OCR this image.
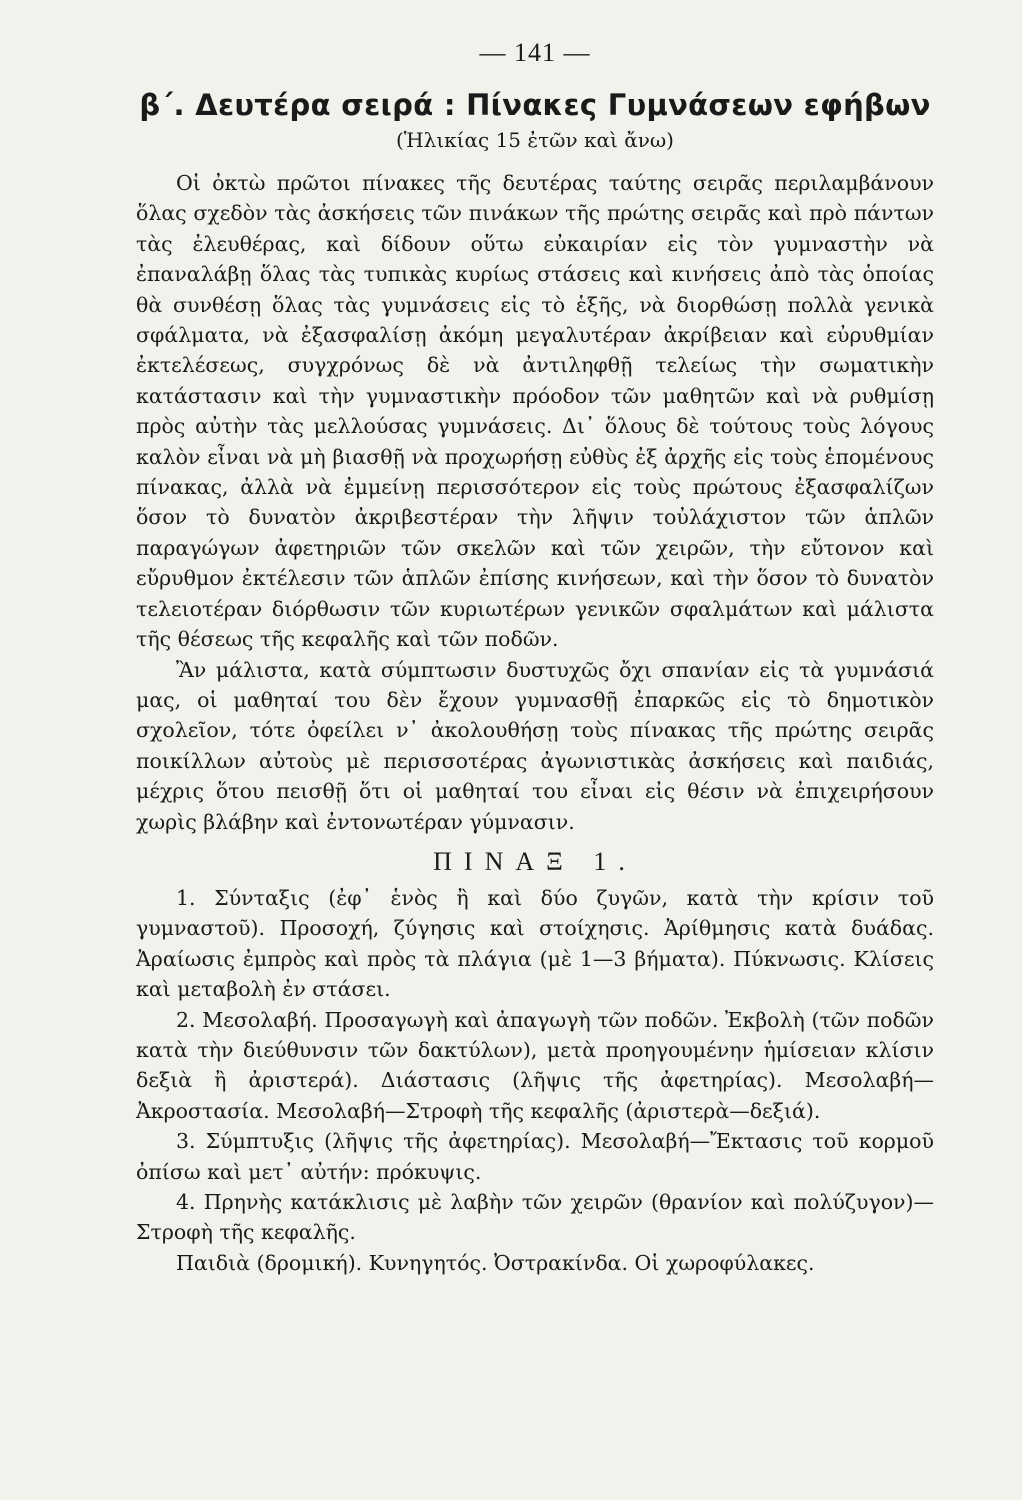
— 141 —
β΄. Δευτέρα σειρά : Πίνακες Γυμνάσεων εφήβων
(Ἡλικίας 15 ἐτῶν καὶ ἄνω)

Οἱ ὀκτὼ πρῶτοι πίνακες τῆς δευτέρας ταύτης σειρᾶς περιλαμβάνουν ὅλας σχεδὸν τὰς ἀσκήσεις τῶν πινάκων τῆς πρώτης σειρᾶς καὶ πρὸ πάντων τὰς ἐλευθέρας, καὶ δίδουν οὕτω εὐκαιρίαν εἰς τὸν γυμναστὴν νὰ ἐπαναλάβῃ ὅλας τὰς τυπικὰς κυρίως στάσεις καὶ κινήσεις ἀπὸ τὰς ὁποίας θὰ συνθέσῃ ὅλας τὰς γυμνάσεις εἰς τὸ ἑξῆς, νὰ διορθώσῃ πολλὰ γενικὰ σφάλματα, νὰ ἐξασφαλίσῃ ἀκόμη μεγαλυτέραν ἀκρίβειαν καὶ εὐρυθμίαν ἐκτελέσεως, συγχρόνως δὲ νὰ ἀντιληφθῇ τελείως τὴν σωματικὴν κατάστασιν καὶ τὴν γυμναστικὴν πρόοδον τῶν μαθητῶν καὶ νὰ ρυθμίσῃ πρὸς αὐτὴν τὰς μελλούσας γυμνάσεις. Δι᾽ ὅλους δὲ τούτους τοὺς λόγους καλὸν εἶναι νὰ μὴ βιασθῇ νὰ προχωρήσῃ εὐθὺς ἐξ ἀρχῆς εἰς τοὺς ἑπομένους πίνακας, ἀλλὰ νὰ ἐμμείνῃ περισσότερον εἰς τοὺς πρώτους ἐξασφαλίζων ὅσον τὸ δυνατὸν ἀκριβεστέραν τὴν λῆψιν τοὐλάχιστον τῶν ἁπλῶν παραγώγων ἀφετηριῶν τῶν σκελῶν καὶ τῶν χειρῶν, τὴν εὔτονον καὶ εὔρυθμον ἐκτέλεσιν τῶν ἁπλῶν ἐπίσης κινήσεων, καὶ τὴν ὅσον τὸ δυνατὸν τελειοτέραν διόρθωσιν τῶν κυριωτέρων γενικῶν σφαλμάτων καὶ μάλιστα τῆς θέσεως τῆς κεφαλῆς καὶ τῶν ποδῶν.

Ἂν μάλιστα, κατὰ σύμπτωσιν δυστυχῶς ὄχι σπανίαν εἰς τὰ γυμνάσιά μας, οἱ μαθηταί του δὲν ἔχουν γυμνασθῇ ἐπαρκῶς εἰς τὸ δημοτικὸν σχολεῖον, τότε ὀφείλει ν᾽ ἀκολουθήσῃ τοὺς πίνακας τῆς πρώτης σειρᾶς ποικίλλων αὐτοὺς μὲ περισσοτέρας ἀγωνιστικὰς ἀσκήσεις καὶ παιδιάς, μέχρις ὅτου πεισθῇ ὅτι οἱ μαθηταί του εἶναι εἰς θέσιν νὰ ἐπιχειρήσουν χωρὶς βλάβην καὶ ἐντονωτέραν γύμνασιν.

ΠΙΝΑΞ 1.

1. Σύνταξις (ἐφ᾽ ἑνὸς ἢ καὶ δύο ζυγῶν, κατὰ τὴν κρίσιν τοῦ γυμναστοῦ). Προσοχή, ζύγησις καὶ στοίχησις. Ἀρίθμησις κατὰ δυάδας. Ἀραίωσις ἐμπρὸς καὶ πρὸς τὰ πλάγια (μὲ 1—3 βήματα). Πύκνωσις. Κλίσεις καὶ μεταβολὴ ἐν στάσει.

2. Μεσολαβή. Προσαγωγὴ καὶ ἀπαγωγὴ τῶν ποδῶν. Ἐκβολὴ (τῶν ποδῶν κατὰ τὴν διεύθυνσιν τῶν δακτύλων), μετὰ προηγουμένην ἡμίσειαν κλίσιν δεξιὰ ἢ ἀριστερά). Διάστασις (λῆψις τῆς ἀφετηρίας). Μεσολαβή—Ἀκροστασία. Μεσολαβή—Στροφὴ τῆς κεφαλῆς (ἀριστερὰ—δεξιά).

3. Σύμπτυξις (λῆψις τῆς ἀφετηρίας). Μεσολαβή—Ἔκτασις τοῦ κορμοῦ ὀπίσω καὶ μετ᾽ αὐτήν: πρόκυψις.

4. Πρηνὴς κατάκλισις μὲ λαβὴν τῶν χειρῶν (θρανίον καὶ πολύζυγον)—Στροφὴ τῆς κεφαλῆς.

Παιδιὰ (δρομική). Κυνηγητός. Ὀστρακίνδα. Οἱ χωροφύλακες.
